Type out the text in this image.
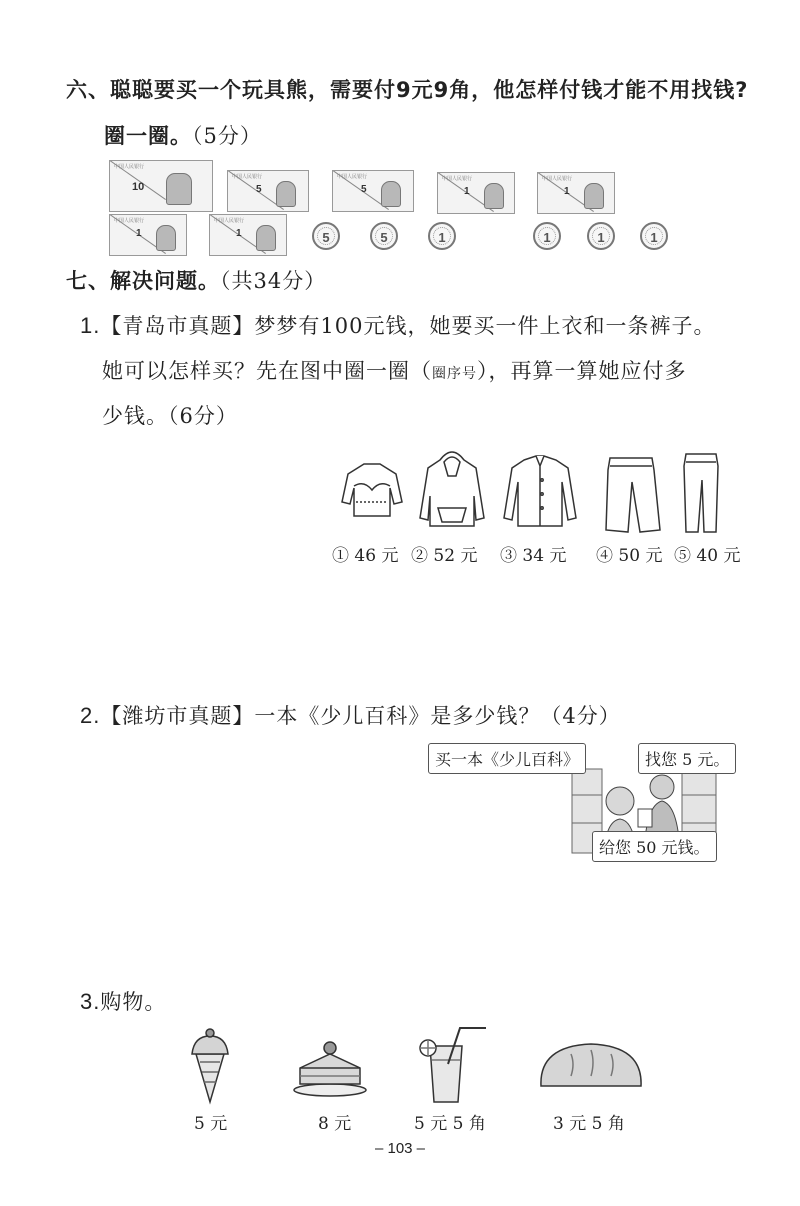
六、聪聪要买一个玩具熊，需要付9元9角，他怎样付钱才能不用找钱?
圈一圈。（5分）
中国人民银行
10
中国人民银行
5
中国人民银行
5
中国人民银行
1
中国人民银行
1
中国人民银行
1
中国人民银行
1	5	5	1	1	1	1
七、解决问题。（共34分）
1.【青岛市真题】梦梦有100元钱，她要买一件上衣和一条裤子。
她可以怎样买？先在图中圈一圈（圈序号），再算一算她应付多
少钱。（6分）
① 46 元 ② 52 元 ③ 34 元 ④ 50 元 ⑤ 40 元
2.【潍坊市真题】一本《少儿百科》是多少钱？（4分）
买一本《少儿百科》	找您 5 元。
给您 50 元钱。
3.购物。
5 元	8 元	5 元 5 角	3 元 5 角
– 103 –
